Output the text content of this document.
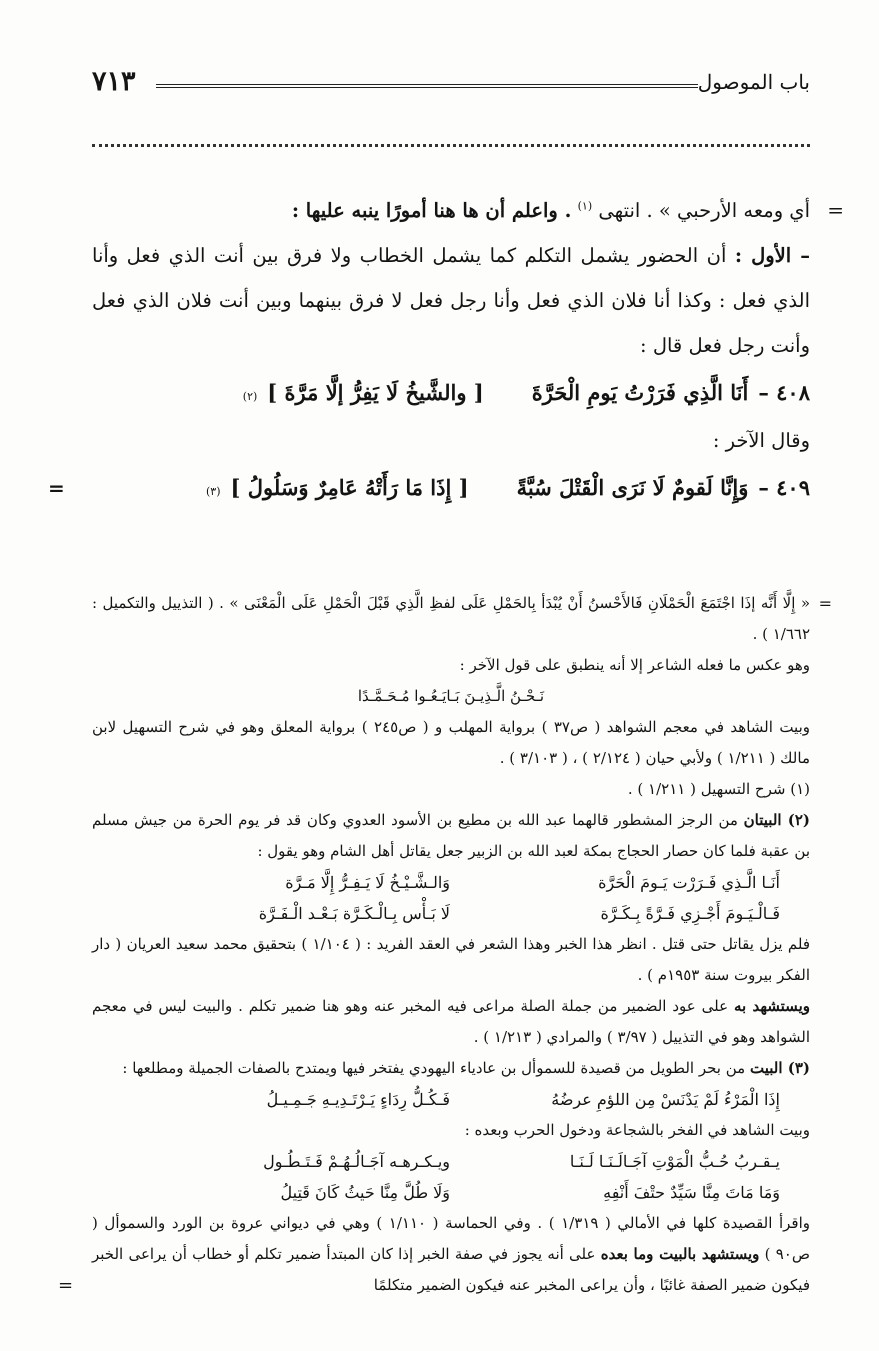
باب الموصول
٧١٣

=
أي ومعه الأرحبي » . انتهى $^{(١)}$ . واعلم أن ها هنا أمورًا ينبه عليها :

– الأول : أن الحضور يشمل التكلم كما يشمل الخطاب ولا فرق بين أنت الذي فعل وأنا الذي فعل : وكذا أنا فلان الذي فعل وأنا رجل فعل لا فرق بينهما وبين أنت فلان الذي فعل وأنت رجل فعل قال :

٤٠٨ –
أَنَا الَّذِي فَرَرْتُ يَومِ الْحَرَّةَ
[ والشَّيخُ لَا يَفِرُّ إلَّا مَرَّةَ ]
(٢)

وقال الآخر :

٤٠٩ –
وَإِنَّا لَقومٌ لَا نَرَى الْقَتْلَ سُبَّةً
[ إِذَا مَا رَأَتْهُ عَامِرٌ وَسَلُولُ ]
(٣)
=

=
« إِلَّا أَنَّه إذَا اجْتَمَعَ الْحَمْلَانِ فَالأَحْسنُ أَنْ يُبْدَأ بِالحَمْلِ عَلَى لفظِ الَّذِي قَبْلَ الْحَمْلِ عَلَى الْمَعْنَى » . ( التذييل والتكميل : ١/٦٦٢ ) .

وهو عكس ما فعله الشاعر إلا أنه ينطبق على قول الآخر :

نَـحْـنُ الَّـذِيـنَ بَـايَـعُـوا مُـحَـمَّـدًا

وبيت الشاهد في معجم الشواهد ( ص٣٧ ) برواية المهلب و ( ص٢٤٥ ) برواية المعلق وهو في شرح التسهيل لابن مالك ( ١/٢١١ ) ولأبي حيان ( ٢/١٢٤ ) ، ( ٣/١٠٣ ) .

(١) شرح التسهيل ( ١/٢١١ ) .

(٢) البيتان من الرجز المشطور قالهما عبد الله بن مطيع بن الأسود العدوي وكان قد فر يوم الحرة من جيش مسلم بن عقبة فلما كان حصار الحجاج بمكة لعبد الله بن الزبير جعل يقاتل أهل الشام وهو يقول :

أَنَـا الَّـذِي فَـرَرْت يَـومَ الْحَرَّة
وَالـشَّـيْـخُ لَا يَـفِـرُّ إِلَّا مَـرَّة
فَـالْـيَـومَ أَجْـزِي فَـرَّةً بِـكَـرَّة
لَا بَـأْس بِـالْـكَـرَّة بَـعْـد الْـفَـرَّة

فلم يزل يقاتل حتى قتل . انظر هذا الخبر وهذا الشعر في العقد الفريد : ( ١/١٠٤ ) بتحقيق محمد سعيد العريان ( دار الفكر بيروت سنة ١٩٥٣م ) .

ويستشهد به على عود الضمير من جملة الصلة مراعى فيه المخبر عنه وهو هنا ضمير تكلم . والبيت ليس في معجم الشواهد وهو في التذييل ( ٣/٩٧ ) والمرادي ( ١/٢١٣ ) .

(٣) البيت من بحر الطويل من قصيدة للسموأل بن عادياء اليهودي يفتخر فيها ويمتدح بالصفات الجميلة ومطلعها :

إِذَا الْمَرْءُ لَمْ يَدْنَسْ مِن اللؤمِ عرضُهُ
فَـكُـلُّ رِدَاءٍ يَـرْتَـدِيـهِ جَـمِـيـلُ

وبيت الشاهد في الفخر بالشجاعة ودخول الحرب وبعده :

يـقـربُ حُـبُّ الْمَوْتِ آجَـالَـنَـا لَـنَـا
ويـكـرهـه آجَـالُـهُـمْ فَـتَـطُـول
وَمَا مَاتَ مِنَّا سَيِّدٌ حتْفَ أَنْفِهِ
وَلَا طُلَّ مِنَّا حَيثُ كَانَ قَتِيلُ

واقرأ القصيدة كلها في الأمالي ( ١/٣١٩ ) . وفي الحماسة ( ١/١١٠ ) وهي في ديواني عروة بن الورد والسموأل ( ص٩٠ ) ويستشهد بالبيت وما بعده على أنه يجوز في صفة الخبر إذا كان المبتدأ ضمير تكلم أو خطاب أن يراعى الخبر فيكون ضمير الصفة غائبًا ، وأن يراعى المخبر عنه فيكون الضمير متكلمًا
=
